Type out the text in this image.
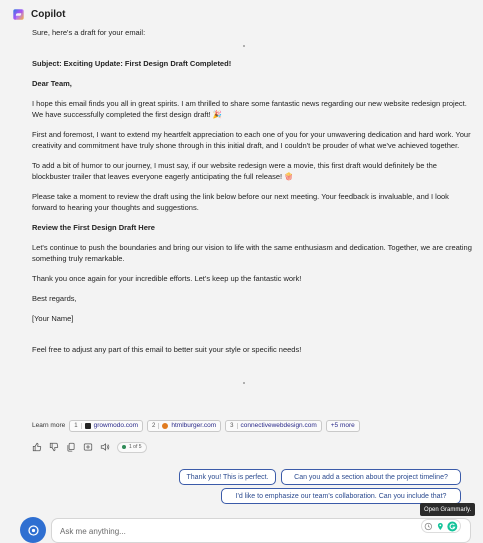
Copilot

Sure, here's a draft for your email:

Subject: Exciting Update: First Design Draft Completed!

Dear Team,

I hope this email finds you all in great spirits. I am thrilled to share some fantastic news regarding our new website redesign project. We have successfully completed the first design draft! 🎉

First and foremost, I want to extend my heartfelt appreciation to each one of you for your unwavering dedication and hard work. Your creativity and commitment have truly shone through in this initial draft, and I couldn't be prouder of what we've achieved together.

To add a bit of humor to our journey, I must say, if our website redesign were a movie, this first draft would definitely be the blockbuster trailer that leaves everyone eagerly anticipating the full release! 🍿

Please take a moment to review the draft using the link below before our next meeting. Your feedback is invaluable, and I look forward to hearing your thoughts and suggestions.

Review the First Design Draft Here

Let's continue to push the boundaries and bring our vision to life with the same enthusiasm and dedication. Together, we are creating something truly remarkable.

Thank you once again for your incredible efforts. Let's keep up the fantastic work!

Best regards,

[Your Name]

Feel free to adjust any part of this email to better suit your style or specific needs!

Learn more 1	growmodo.com 2	htmlburger.com 3	connectivewebdesign.com	+5 more
1 of 5
Thank you! This is perfect.	Can you add a section about the project timeline?
I'd like to emphasize our team's collaboration. Can you include that?
Open Grammarly.
Ask me anything...
